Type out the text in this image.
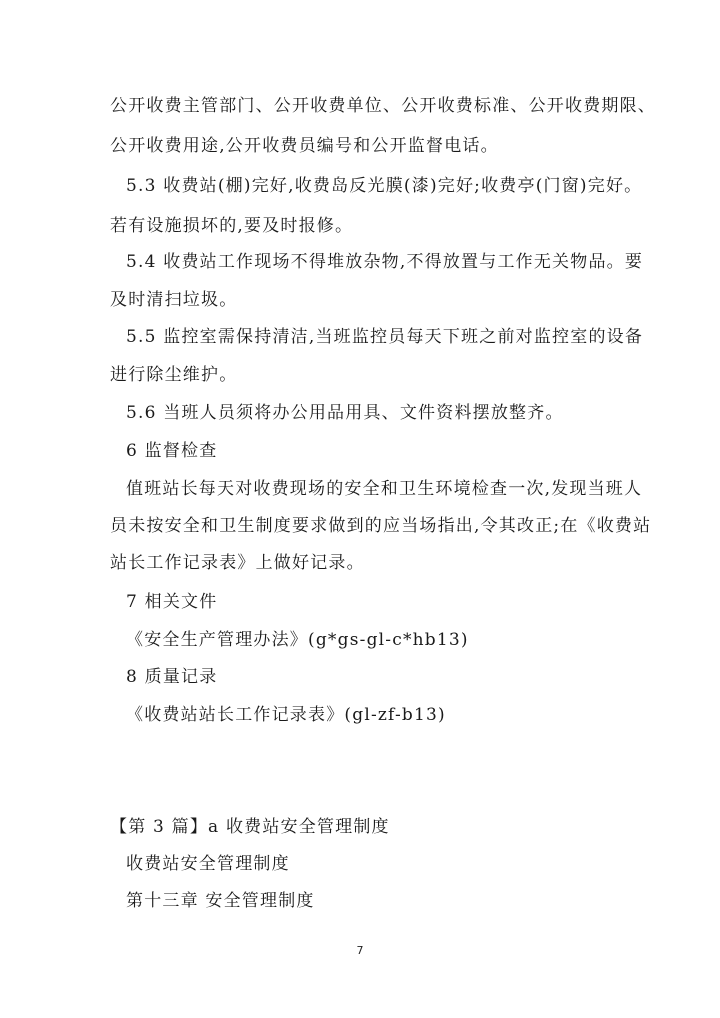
公开收费主管部门、公开收费单位、公开收费标准、公开收费期限、
公开收费用途,公开收费员编号和公开监督电话。
5.3 收费站(棚)完好,收费岛反光膜(漆)完好;收费亭(门窗)完好。
若有设施损坏的,要及时报修。
5.4 收费站工作现场不得堆放杂物,不得放置与工作无关物品。要
及时清扫垃圾。
5.5 监控室需保持清洁,当班监控员每天下班之前对监控室的设备
进行除尘维护。
5.6 当班人员须将办公用品用具、文件资料摆放整齐。
6 监督检查
值班站长每天对收费现场的安全和卫生环境检查一次,发现当班人
员未按安全和卫生制度要求做到的应当场指出,令其改正;在《收费站
站长工作记录表》上做好记录。
7 相关文件
《安全生产管理办法》(g*gs-gl-c*hb13)
8 质量记录
《收费站站长工作记录表》(gl-zf-b13)
【第 3 篇】a 收费站安全管理制度
收费站安全管理制度
第十三章 安全管理制度
7
